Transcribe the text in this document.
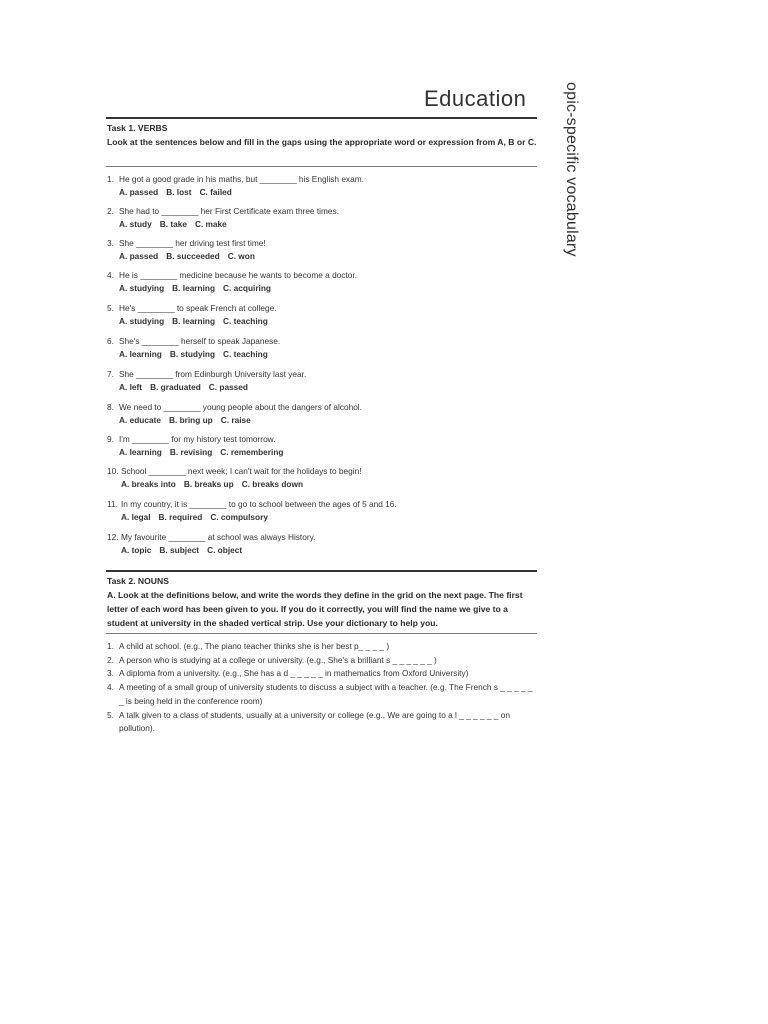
Education opic-specific vocabulary
Task 1. VERBS
Look at the sentences below and fill in the gaps using the appropriate word or expression from A, B or C.
1. He got a good grade in his maths, but ________ his English exam.
A. passed B. lost C. failed
2. She had to ________ her First Certificate exam three times.
A. study B. take C. make
3. She ________ her driving test first time!
A. passed B. succeeded C. won
4. He is ________ medicine because he wants to become a doctor.
A. studying B. learning C. acquiring
5. He's ________ to speak French at college.
A. studying B. learning C. teaching
6. She's ________ herself to speak Japanese.
A. learning B. studying C. teaching
7. She ________ from Edinburgh University last year.
A. left B. graduated C. passed
8. We need to ________ young people about the dangers of alcohol.
A. educate B. bring up C. raise
9. I'm ________ for my history test tomorrow.
A. learning B. revising C. remembering
10. School ________ next week; I can't wait for the holidays to begin!
A. breaks into B. breaks up C. breaks down
11. In my country, it is ________ to go to school between the ages of 5 and 16.
A. legal B. required C. compulsory
12. My favourite ________ at school was always History.
A. topic B. subject C. object
Task 2. NOUNS
A. Look at the definitions below, and write the words they define in the grid on the next page. The first letter of each word has been given to you. If you do it correctly, you will find the name we give to a student at university in the shaded vertical strip. Use your dictionary to help you.
1. A child at school. (e.g., The piano teacher thinks she is her best p_ _ _ _ )
2. A person who is studying at a college or university. (e.g., She's a brilliant s _ _ _ _ _ _ )
3. A diploma from a university. (e.g., She has a d _ _ _ _ _ in mathematics from Oxford University)
4. A meeting of a small group of university students to discuss a subject with a teacher. (e.g. The French s _ _ _ _ _ _ is being held in the conference room)
5. A talk given to a class of students, usually at a university or college (e.g., We are going to a l _ _ _ _ _ _ on pollution).
